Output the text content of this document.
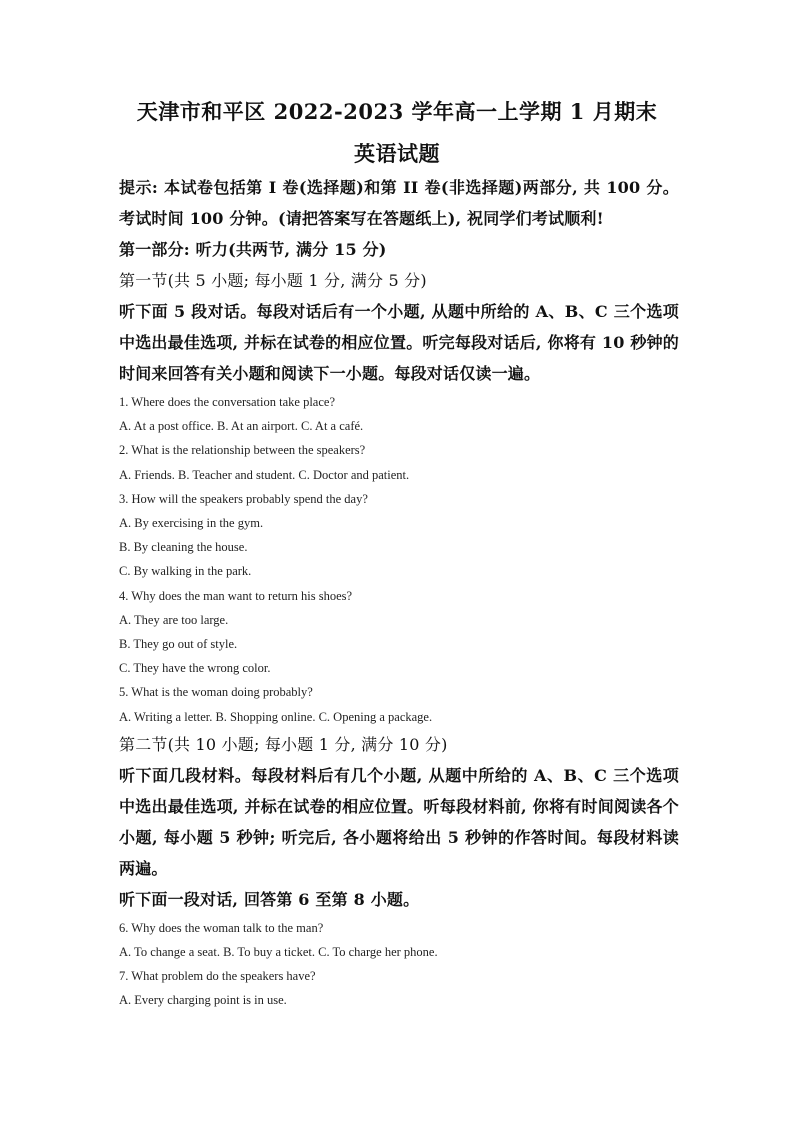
天津市和平区 2022-2023 学年高一上学期 1 月期末
英语试题
提示: 本试卷包括第 I 卷(选择题)和第 II 卷(非选择题)两部分, 共 100 分。考试时间 100 分钟。(请把答案写在答题纸上), 祝同学们考试顺利!
第一部分: 听力(共两节, 满分 15 分)
第一节(共 5 小题; 每小题 1 分, 满分 5 分)
听下面 5 段对话。每段对话后有一个小题, 从题中所给的 A、B、C 三个选项中选出最佳选项, 并标在试卷的相应位置。听完每段对话后, 你将有 10 秒钟的时间来回答有关小题和阅读下一小题。每段对话仅读一遍。
1. Where does the conversation take place?
A. At a post office. B. At an airport. C. At a café.
2. What is the relationship between the speakers?
A. Friends. B. Teacher and student. C. Doctor and patient.
3. How will the speakers probably spend the day?
A. By exercising in the gym.
B. By cleaning the house.
C. By walking in the park.
4. Why does the man want to return his shoes?
A. They are too large.
B. They go out of style.
C. They have the wrong color.
5. What is the woman doing probably?
A. Writing a letter. B. Shopping online. C. Opening a package.
第二节(共 10 小题; 每小题 1 分, 满分 10 分)
听下面几段材料。每段材料后有几个小题, 从题中所给的 A、B、C 三个选项中选出最佳选项, 并标在试卷的相应位置。听每段材料前, 你将有时间阅读各个小题, 每小题 5 秒钟; 听完后, 各小题将给出 5 秒钟的作答时间。每段材料读两遍。
听下面一段对话, 回答第 6 至第 8 小题。
6. Why does the woman talk to the man?
A. To change a seat. B. To buy a ticket. C. To charge her phone.
7. What problem do the speakers have?
A. Every charging point is in use.
